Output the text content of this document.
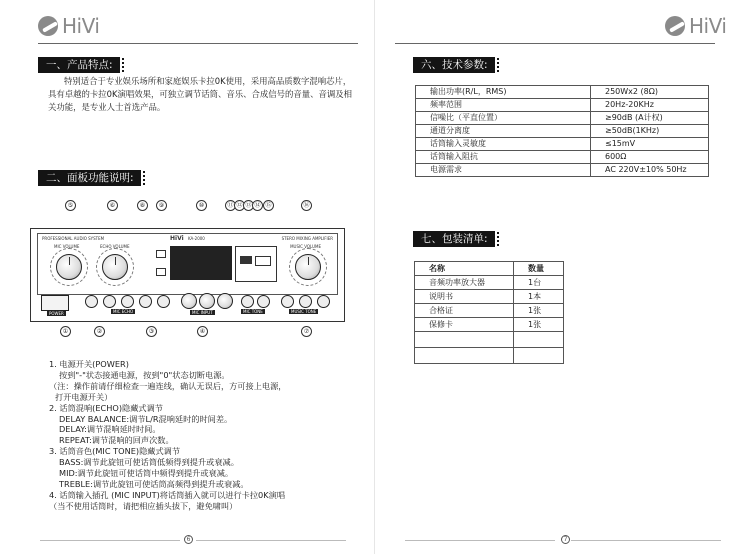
HiVi
一、产品特点:
特别适合于专业娱乐场所和家庭娱乐卡拉0K使用，采用高品质数字混响芯片，
具有卓越的卡拉0K演唱效果，可独立调节话筒、音乐、合成信号的音量、音调及相
关功能，是专业人士首选产品。
二、面板功能说明:
⑤	⑥	⑧	⑨	⑩	⑪ ⑫ ⑬ ⑭ ⑮	⑯
PROFESSIONAL AUDIO SYSTEM	HiVi KA-2000	STERO MIXING AMPLIFIER
MIC VOLUME	ECHO VOLUME	MUSIC VOLUME
POWER	MIC ECHO	MIC INPUT	MIC TONE	MUSIC TONE
①	②	③	④	⑦
1. 电源开关(POWER)
按到"-"状态接通电源，按到"0"状态切断电源。
（注：操作前请仔细检查一遍连线，确认无误后，方可接上电源，
打开电源开关）
2. 话筒混响(ECHO)隐藏式调节
DELAY BALANCE:调节L/R混响延时的时间差。
DELAY:调节混响延时时间。
REPEAT:调节混响的回声次数。
3. 话筒音色(MIC TONE)隐藏式调节
BASS:调节此旋钮可使话筒低频得到提升或衰减。
MID:调节此旋钮可使话筒中频得到提升或衰减。
TREBLE:调节此旋钮可使话筒高频得到提升或衰减。
4. 话筒输入插孔 (MIC INPUT)将话筒插入就可以进行卡拉0K演唱
（当不使用话筒时，请把相应插头拔下，避免啸叫）
6
HiVi
六、技术参数:
输出功率(R/L，RMS)	250Wx2 (8Ω)
频率范围	20Hz-20KHz
信噪比（平直位置）	≥90dB (A计权)
通道分离度	≥50dB(1KHz)
话筒输入灵敏度	≤15mV
话筒输入阻抗	600Ω
电源需求	AC 220V±10% 50Hz
七、包装清单:
名称	数量
音频功率放大器	1台
说明书	1本
合格证	1张
保修卡	1张

7
